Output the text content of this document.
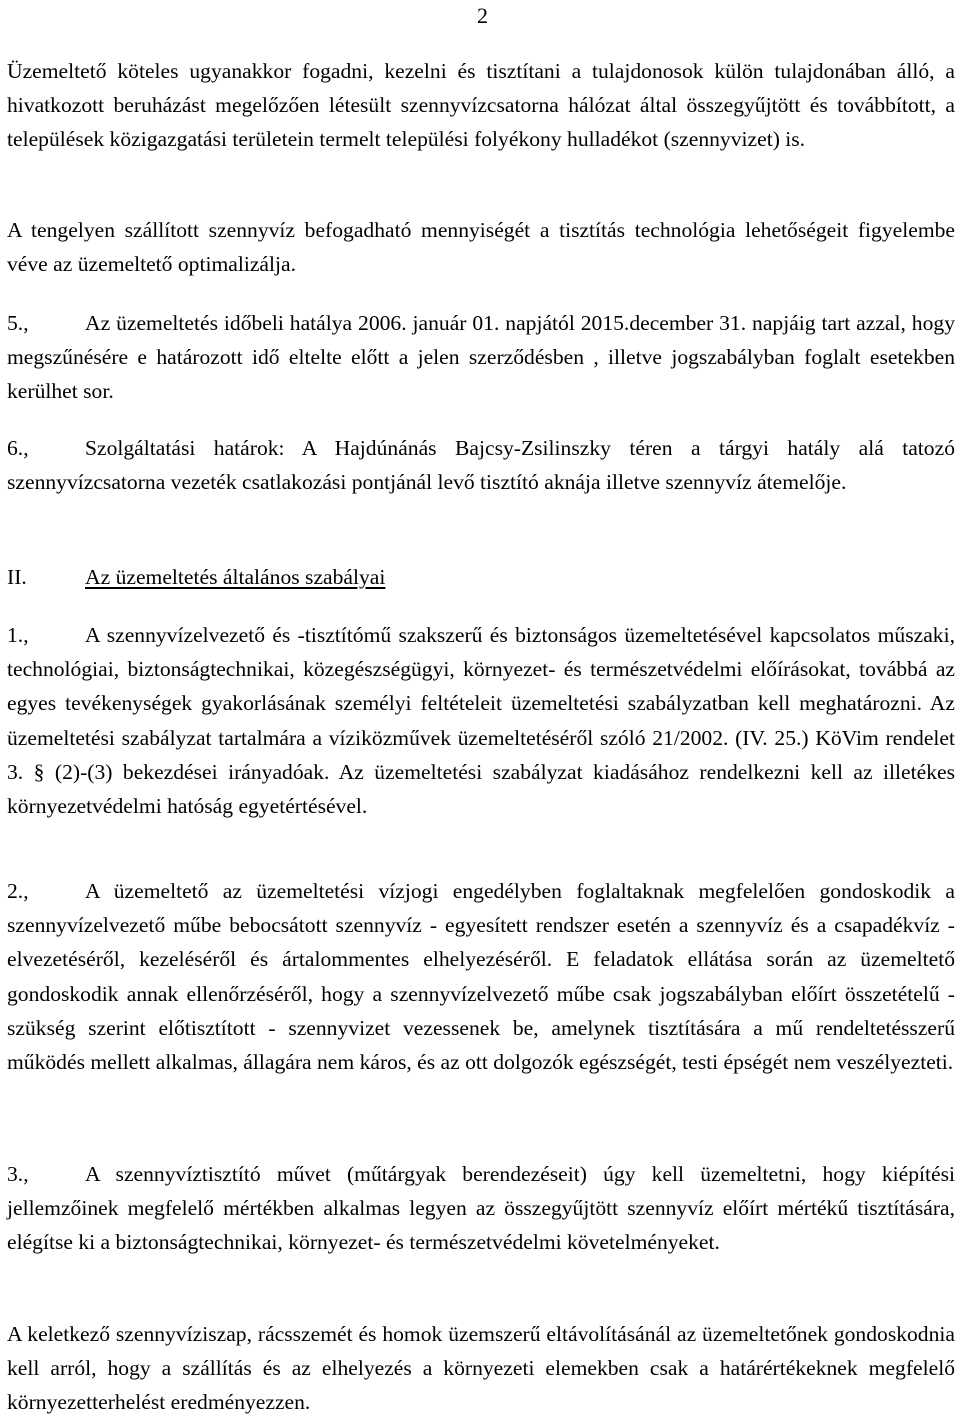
2

Üzemeltető köteles ugyanakkor fogadni, kezelni és tisztítani a tulajdonosok külön tulajdonában álló, a hivatkozott beruházást megelőzően létesült szennyvízcsatorna hálózat által összegyűjtött és továbbított, a települések közigazgatási területein termelt települési folyékony hulladékot (szennyvizet) is.

A tengelyen szállított szennyvíz befogadható mennyiségét a tisztítás technológia lehetőségeit figyelembe véve az üzemeltető optimalizálja.

5.,	Az üzemeltetés időbeli hatálya 2006. január 01. napjától 2015.december 31. napjáig tart azzal, hogy megszűnésére e határozott idő eltelte előtt a jelen szerződésben , illetve jogszabályban foglalt esetekben kerülhet sor.

6.,	Szolgáltatási határok: A Hajdúnánás Bajcsy-Zsilinszky téren a tárgyi hatály alá tatozó szennyvízcsatorna vezeték csatlakozási pontjánál levő tisztító aknája illetve szennyvíz átemelője.

II.	Az üzemeltetés általános szabályai

1.,	A szennyvízelvezető és -tisztítómű szakszerű és biztonságos üzemeltetésével kapcsolatos műszaki, technológiai, biztonságtechnikai, közegészségügyi, környezet- és természetvédelmi előírásokat, továbbá az egyes tevékenységek gyakorlásának személyi feltételeit üzemeltetési szabályzatban kell meghatározni. Az üzemeltetési szabályzat tartalmára a víziközművek üzemeltetéséről szóló 21/2002. (IV. 25.) KöVim rendelet 3. § (2)-(3) bekezdései irányadóak. Az üzemeltetési szabályzat kiadásához rendelkezni kell az illetékes környezetvédelmi hatóság egyetértésével.

2.,	A üzemeltető az üzemeltetési vízjogi engedélyben foglaltaknak megfelelően gondoskodik a szennyvízelvezető műbe bebocsátott szennyvíz - egyesített rendszer esetén a szennyvíz és a csapadékvíz - elvezetéséről, kezeléséről és ártalommentes elhelyezéséről. E feladatok ellátása során az üzemeltető gondoskodik annak ellenőrzéséről, hogy a szennyvízelvezető műbe csak jogszabályban előírt összetételű - szükség szerint előtisztított - szennyvizet vezessenek be, amelynek tisztítására a mű rendeltetésszerű működés mellett alkalmas, állagára nem káros, és az ott dolgozók egészségét, testi épségét nem veszélyezteti.

3.,	A szennyvíztisztító művet (műtárgyak berendezéseit) úgy kell üzemeltetni, hogy kiépítési jellemzőinek megfelelő mértékben alkalmas legyen az összegyűjtött szennyvíz előírt mértékű tisztítására, elégítse ki a biztonságtechnikai, környezet- és természetvédelmi követelményeket.

A keletkező szennyvíziszap, rácsszemét és homok üzemszerű eltávolításánál az üzemeltetőnek gondoskodnia kell arról, hogy a szállítás és az elhelyezés a környezeti elemekben csak a határértékeknek megfelelő környezetterhelést eredményezzen.
